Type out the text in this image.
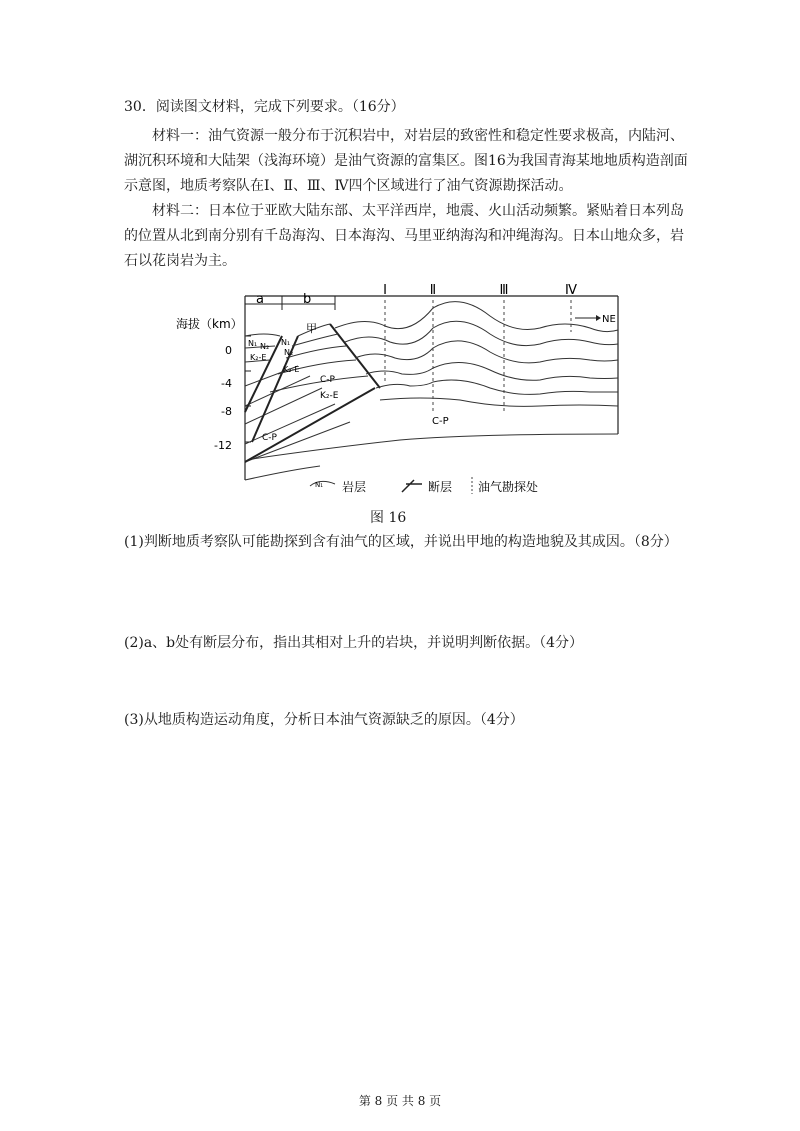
30．阅读图文材料，完成下列要求。（16分）

材料一：油气资源一般分布于沉积岩中，对岩层的致密性和稳定性要求极高，内陆河、湖沉积环境和大陆架（浅海环境）是油气资源的富集区。图16为我国青海某地地质构造剖面示意图，地质考察队在Ⅰ、Ⅱ、Ⅲ、Ⅳ四个区域进行了油气资源勘探活动。

材料二：日本位于亚欧大陆东部、太平洋西岸，地震、火山活动频繁。紧贴着日本列岛的位置从北到南分别有千岛海沟、日本海沟、马里亚纳海沟和冲绳海沟。日本山地众多，岩石以花岗岩为主。

海拔（km）
0
-4
-8
-12
a	b
Ⅰ	Ⅱ	Ⅲ	Ⅳ
NE
甲
N₁ N₂
K₂-E
N₁
N₂
K₂-E
C-P
K₂-E
C-P
C-P
N₁ 岩层	断层 油气勘探处

图 16

(1)判断地质考察队可能勘探到含有油气的区域，并说出甲地的构造地貌及其成因。（8分）

(2)a、b处有断层分布，指出其相对上升的岩块，并说明判断依据。（4分）

(3)从地质构造运动角度，分析日本油气资源缺乏的原因。（4分）

第 8 页 共 8 页
